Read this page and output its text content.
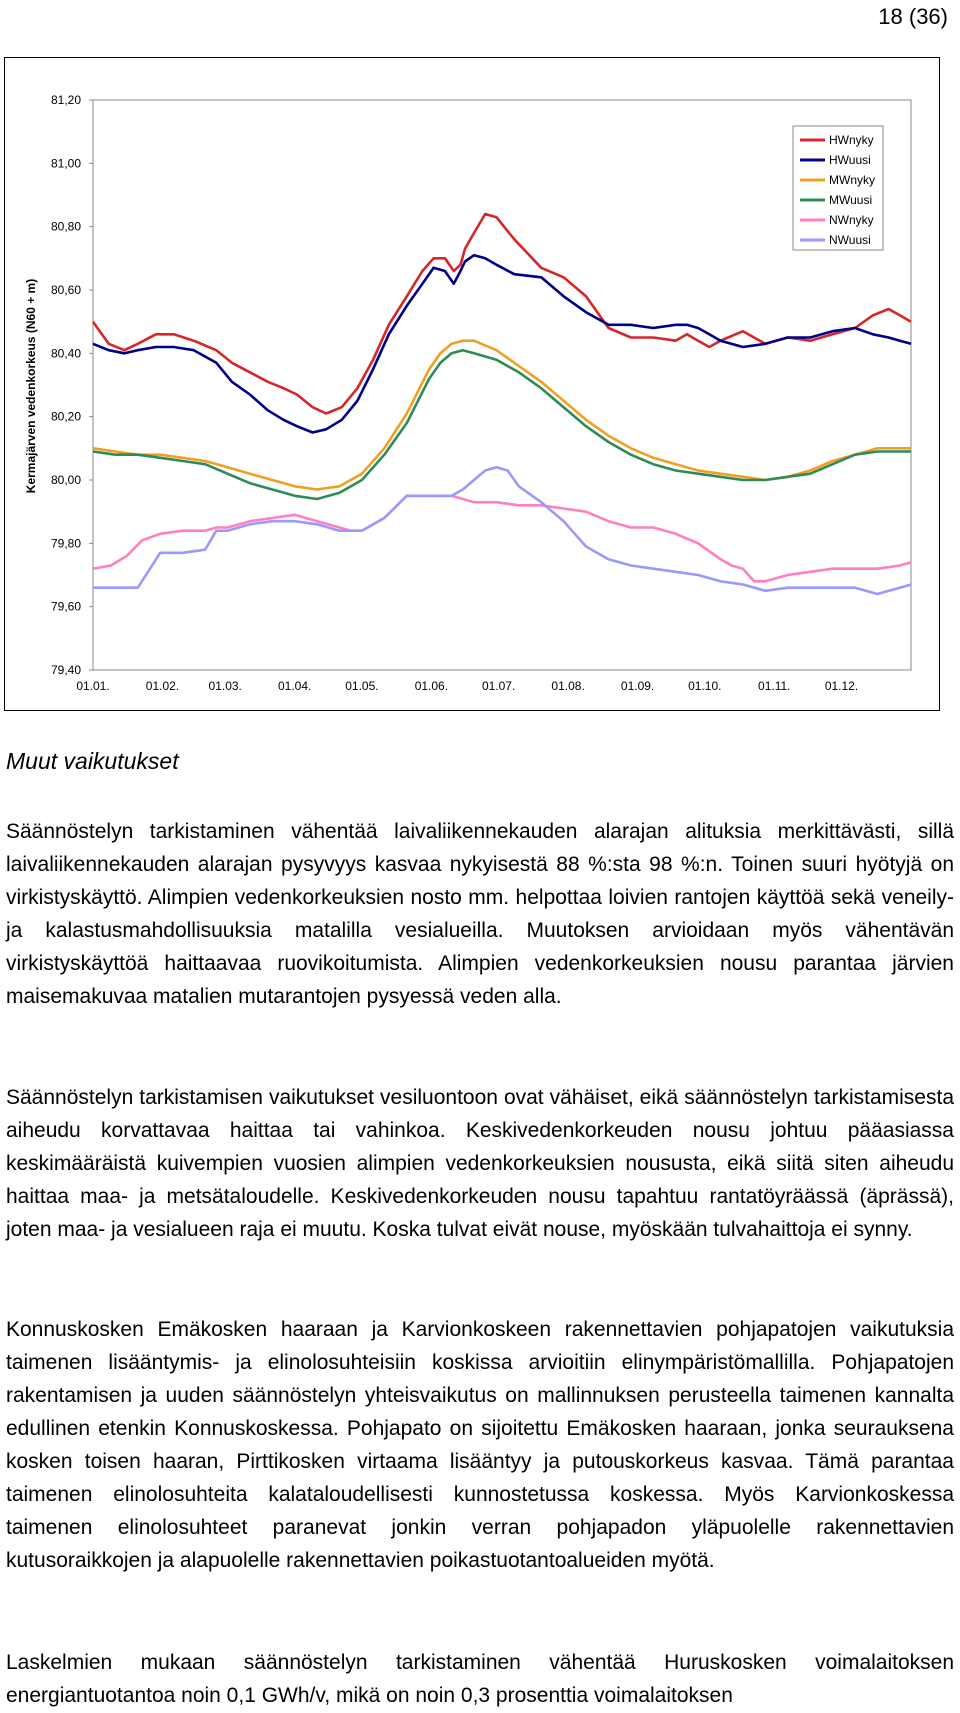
18 (36)
81,20
81,00
80,80
80,60
80,40
80,20
80,00
79,80
79,60
79,40
01.01.	01.02. 01.03.	01.04.	01.05.	01.06.	01.07.	01.08.	01.09.	01.10.	01.11.	01.12.
Kermajärven vedenkorkeus (N60 + m)
HWnyky
HWuusi
MWnyky
MWuusi
NWnyky
NWuusi
Muut vaikutukset

Säännöstelyn tarkistaminen vähentää laivaliikennekauden alarajan alituksia merkittävästi, sillä laivaliikennekauden alarajan pysyvyys kasvaa nykyisestä 88 %:sta 98 %:n. Toinen suuri hyötyjä on virkistyskäyttö. Alimpien vedenkorkeuksien nosto mm. helpottaa loivien rantojen käyttöä sekä veneily- ja kalastusmahdollisuuksia matalilla vesialueilla. Muutoksen arvioidaan myös vähentävän virkistyskäyttöä haittaavaa ruovikoitumista. Alimpien vedenkorkeuksien nousu parantaa järvien maisemakuvaa matalien mutarantojen pysyessä veden alla.

Säännöstelyn tarkistamisen vaikutukset vesiluontoon ovat vähäiset, eikä säännöstelyn tarkistamisesta aiheudu korvattavaa haittaa tai vahinkoa. Keskivedenkorkeuden nousu johtuu pääasiassa keskimääräistä kuivempien vuosien alimpien vedenkorkeuksien noususta, eikä siitä siten aiheudu haittaa maa- ja metsätaloudelle. Keskivedenkorkeuden nousu tapahtuu rantatöyräässä (äprässä), joten maa- ja vesialueen raja ei muutu. Koska tulvat eivät nouse, myöskään tulvahaittoja ei synny.

Konnuskosken Emäkosken haaraan ja Karvionkoskeen rakennettavien pohjapatojen vaikutuksia taimenen lisääntymis- ja elinolosuhteisiin koskissa arvioitiin elinympäristömallilla. Pohjapatojen rakentamisen ja uuden säännöstelyn yhteisvaikutus on mallinnuksen perusteella taimenen kannalta edullinen etenkin Konnuskoskessa. Pohjapato on sijoitettu Emäkosken haaraan, jonka seurauksena kosken toisen haaran, Pirttikosken virtaama lisääntyy ja putouskorkeus kasvaa. Tämä parantaa taimenen elinolosuhteita kalataloudellisesti kunnostetussa koskessa. Myös Karvionkoskessa taimenen elinolosuhteet paranevat jonkin verran pohjapadon yläpuolelle rakennettavien kutusoraikkojen ja alapuolelle rakennettavien poikastuotantoalueiden myötä.

Laskelmien mukaan säännöstelyn tarkistaminen vähentää Huruskosken voimalaitoksen energiantuotantoa noin 0,1 GWh/v, mikä on noin 0,3 prosenttia voimalaitoksen
